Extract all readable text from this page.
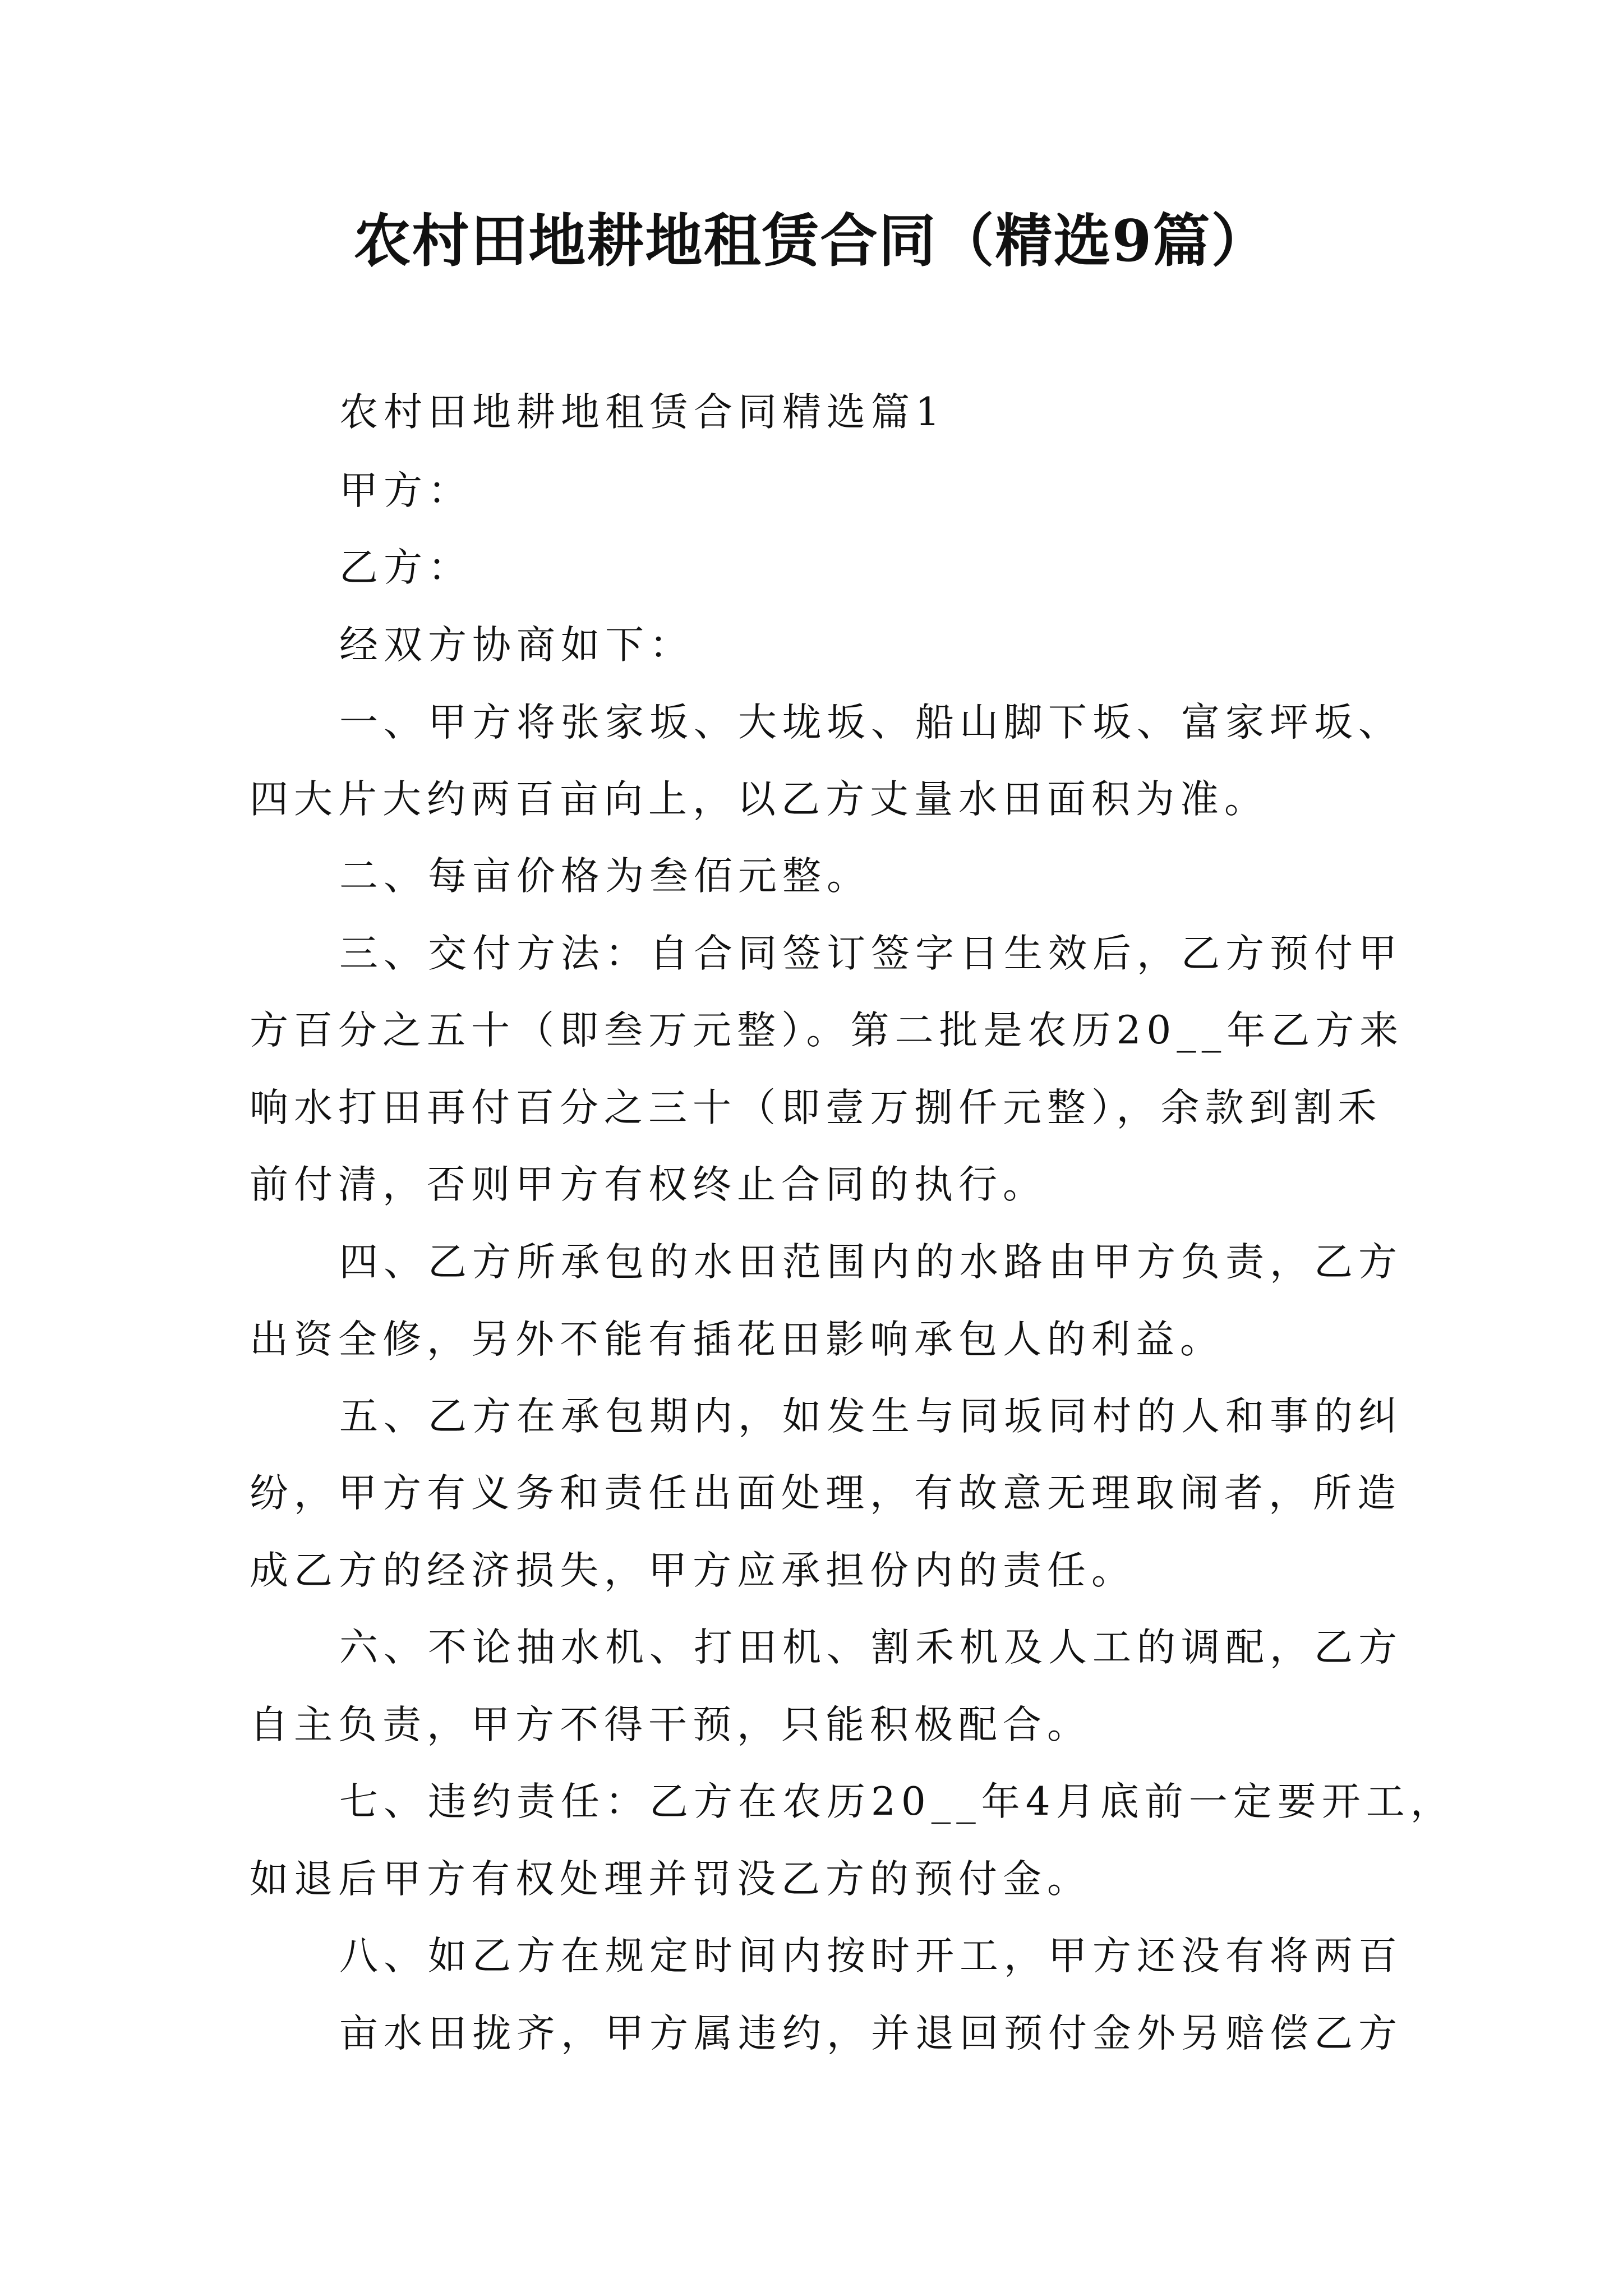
农村田地耕地租赁合同（精选9篇）
农村田地耕地租赁合同精选篇1
甲方：
乙方：
经双方协商如下：
一、甲方将张家坂、大垅坂、船山脚下坂、富家坪坂、
四大片大约两百亩向上，以乙方丈量水田面积为准。
二、每亩价格为叁佰元整。
三、交付方法：自合同签订签字日生效后，乙方预付甲
方百分之五十（即叁万元整）。第二批是农历20__年乙方来
响水打田再付百分之三十（即壹万捌仟元整），余款到割禾
前付清，否则甲方有权终止合同的执行。
四、乙方所承包的水田范围内的水路由甲方负责，乙方
出资全修，另外不能有插花田影响承包人的利益。
五、乙方在承包期内，如发生与同坂同村的人和事的纠
纷，甲方有义务和责任出面处理，有故意无理取闹者，所造
成乙方的经济损失，甲方应承担份内的责任。
六、不论抽水机、打田机、割禾机及人工的调配，乙方
自主负责，甲方不得干预，只能积极配合。
七、违约责任：乙方在农历20__年4月底前一定要开工，
如退后甲方有权处理并罚没乙方的预付金。
八、如乙方在规定时间内按时开工，甲方还没有将两百
亩水田拢齐，甲方属违约，并退回预付金外另赔偿乙方
